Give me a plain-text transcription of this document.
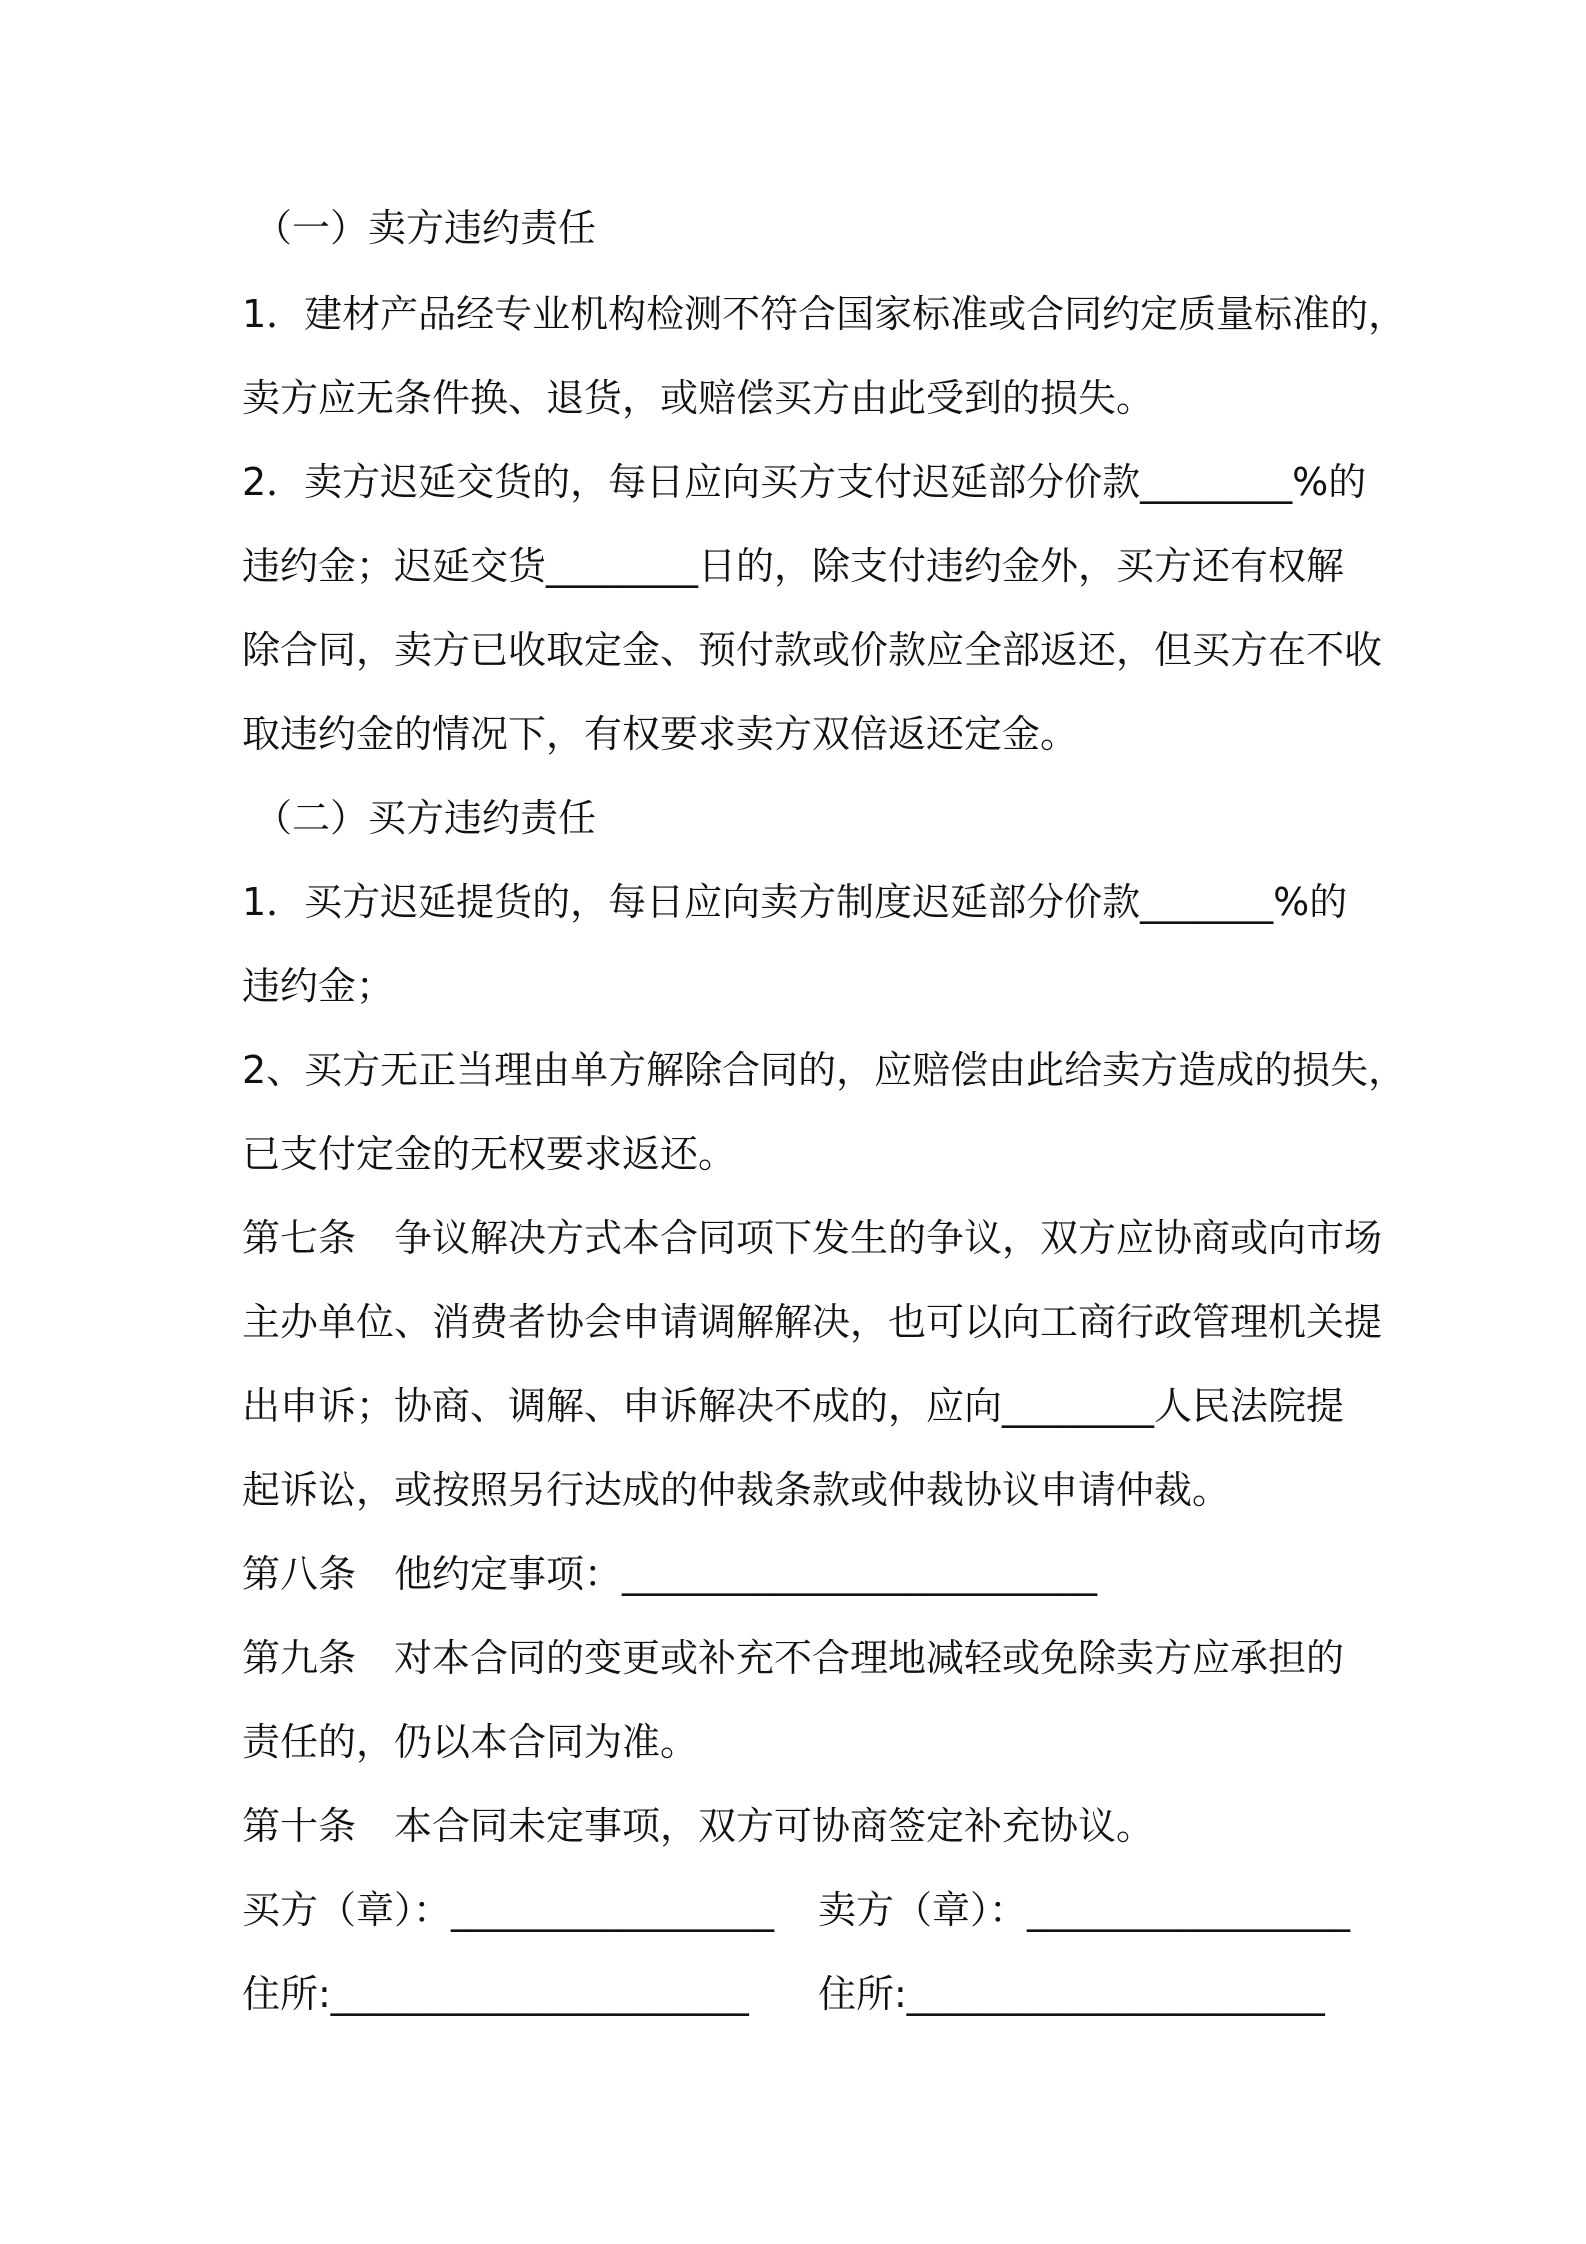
（一）卖方违约责任
1．建材产品经专业机构检测不符合国家标准或合同约定质量标准的，
卖方应无条件换、退货，或赔偿买方由此受到的损失。
2．卖方迟延交货的，每日应向买方支付迟延部分价款________%的
违约金；迟延交货________日的，除支付违约金外，买方还有权解
除合同，卖方已收取定金、预付款或价款应全部返还，但买方在不收
取违约金的情况下，有权要求卖方双倍返还定金。
（二）买方违约责任
1．买方迟延提货的，每日应向卖方制度迟延部分价款_______%的
违约金；
2、买方无正当理由单方解除合同的，应赔偿由此给卖方造成的损失，
已支付定金的无权要求返还。
第七条　争议解决方式本合同项下发生的争议，双方应协商或向市场
主办单位、消费者协会申请调解解决，也可以向工商行政管理机关提
出申诉；协商、调解、申诉解决不成的，应向________人民法院提
起诉讼，或按照另行达成的仲裁条款或仲裁协议申请仲裁。
第八条　他约定事项：_________________________
第九条　对本合同的变更或补充不合理地减轻或免除卖方应承担的
责任的，仍以本合同为准。
第十条　本合同未定事项，双方可协商签定补充协议。
买方（章）：_________________ 卖方（章）：_________________
住所:______________________ 住所:______________________
